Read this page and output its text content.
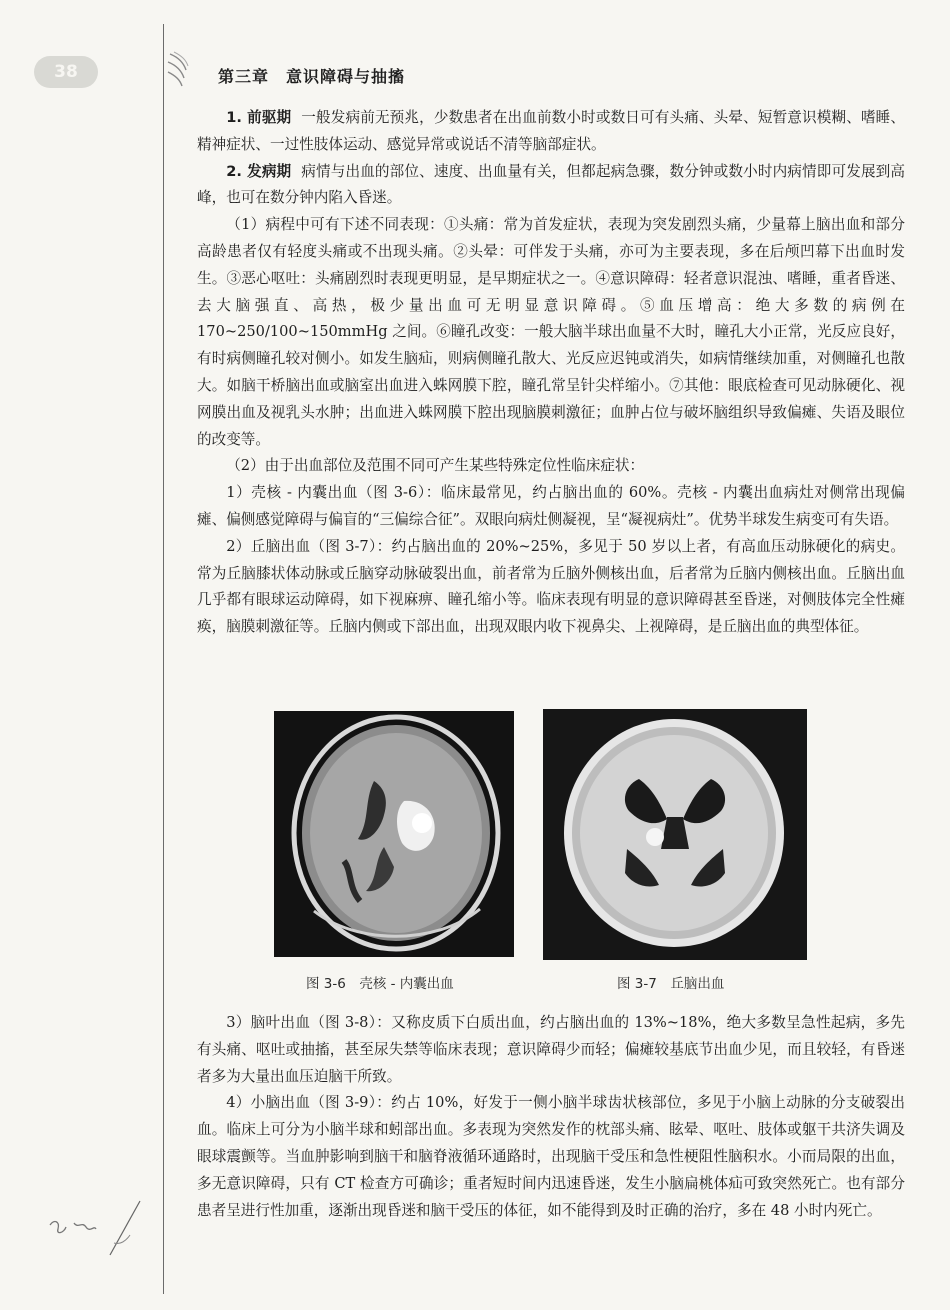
38	第三章　意识障碍与抽搐

1. 前驱期 一般发病前无预兆，少数患者在出血前数小时或数日可有头痛、头晕、短暂意识模糊、嗜睡、精神症状、一过性肢体运动、感觉异常或说话不清等脑部症状。

2. 发病期 病情与出血的部位、速度、出血量有关，但都起病急骤，数分钟或数小时内病情即可发展到高峰，也可在数分钟内陷入昏迷。

（1）病程中可有下述不同表现：①头痛：常为首发症状，表现为突发剧烈头痛，少量幕上脑出血和部分高龄患者仅有轻度头痛或不出现头痛。②头晕：可伴发于头痛，亦可为主要表现，多在后颅凹幕下出血时发生。③恶心呕吐：头痛剧烈时表现更明显，是早期症状之一。④意识障碍：轻者意识混浊、嗜睡，重者昏迷、去大脑强直、高热，极少量出血可无明显意识障碍。⑤血压增高：绝大多数的病例在 170~250/100~150mmHg 之间。⑥瞳孔改变：一般大脑半球出血量不大时，瞳孔大小正常，光反应良好，有时病侧瞳孔较对侧小。如发生脑疝，则病侧瞳孔散大、光反应迟钝或消失，如病情继续加重，对侧瞳孔也散大。如脑干桥脑出血或脑室出血进入蛛网膜下腔，瞳孔常呈针尖样缩小。⑦其他：眼底检查可见动脉硬化、视网膜出血及视乳头水肿；出血进入蛛网膜下腔出现脑膜刺激征；血肿占位与破坏脑组织导致偏瘫、失语及眼位的改变等。

（2）由于出血部位及范围不同可产生某些特殊定位性临床症状：

1）壳核 - 内囊出血（图 3-6）：临床最常见，约占脑出血的 60%。壳核 - 内囊出血病灶对侧常出现偏瘫、偏侧感觉障碍与偏盲的“三偏综合征”。双眼向病灶侧凝视，呈“凝视病灶”。优势半球发生病变可有失语。

2）丘脑出血（图 3-7）：约占脑出血的 20%~25%，多见于 50 岁以上者，有高血压动脉硬化的病史。常为丘脑膝状体动脉或丘脑穿动脉破裂出血，前者常为丘脑外侧核出血，后者常为丘脑内侧核出血。丘脑出血几乎都有眼球运动障碍，如下视麻痹、瞳孔缩小等。临床表现有明显的意识障碍甚至昏迷，对侧肢体完全性瘫痪，脑膜刺激征等。丘脑内侧或下部出血，出现双眼内收下视鼻尖、上视障碍，是丘脑出血的典型体征。

图 3-6　壳核 - 内囊出血	图 3-7　丘脑出血

3）脑叶出血（图 3-8）：又称皮质下白质出血，约占脑出血的 13%~18%，绝大多数呈急性起病，多先有头痛、呕吐或抽搐，甚至尿失禁等临床表现；意识障碍少而轻；偏瘫较基底节出血少见，而且较轻，有昏迷者多为大量出血压迫脑干所致。

4）小脑出血（图 3-9）：约占 10%，好发于一侧小脑半球齿状核部位，多见于小脑上动脉的分支破裂出血。临床上可分为小脑半球和蚓部出血。多表现为突然发作的枕部头痛、眩晕、呕吐、肢体或躯干共济失调及眼球震颤等。当血肿影响到脑干和脑脊液循环通路时，出现脑干受压和急性梗阻性脑积水。小而局限的出血，多无意识障碍，只有 CT 检查方可确诊；重者短时间内迅速昏迷，发生小脑扁桃体疝可致突然死亡。也有部分患者呈进行性加重，逐渐出现昏迷和脑干受压的体征，如不能得到及时正确的治疗，多在 48 小时内死亡。
